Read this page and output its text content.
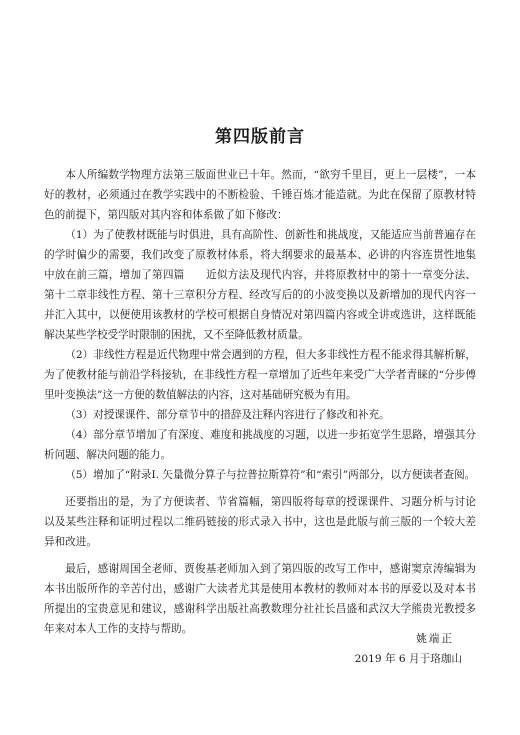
第四版前言

本人所编数学物理方法第三版面世业已十年。然而，“欲穷千里目，更上一层楼”，一本好的教材，必须通过在教学实践中的不断检验、千锤百炼才能造就。为此在保留了原教材特色的前提下，第四版对其内容和体系做了如下修改：

（1）为了使教材既能与时俱进，具有高阶性、创新性和挑战度，又能适应当前普遍存在的学时偏少的需要，我们改变了原教材体系，将大纲要求的最基本、必讲的内容连贯性地集中放在前三篇，增加了第四篇　　近似方法及现代内容，并将原教材中的第十一章变分法、第十二章非线性方程、第十三章积分方程、经改写后的的小波变换以及新增加的现代内容一并汇入其中，以便使用该教材的学校可根据自身情况对第四篇内容或全讲或选讲，这样既能解决某些学校受学时限制的困扰，又不至降低教材质量。

（2）非线性方程是近代物理中常会遇到的方程，但大多非线性方程不能求得其解析解，为了使教材能与前沿学科接轨，在非线性方程一章增加了近些年来受广大学者青睐的“分步傅里叶变换法”这一方便的数值解法的内容，这对基础研究极为有用。

（3）对授课课件、部分章节中的措辞及注释内容进行了修改和补充。

（4）部分章节增加了有深度、难度和挑战度的习题，以进一步拓宽学生思路，增强其分析问题、解决问题的能力。

（5）增加了“附录Ⅰ. 矢量微分算子与拉普拉斯算符”和“索引”两部分，以方便读者查阅。

还要指出的是，为了方便读者、节省篇幅，第四版将每章的授课课件、习题分析与讨论以及某些注释和证明过程以二维码链接的形式录入书中，这也是此版与前三版的一个较大差异和改进。

最后，感谢周国全老师、贾俊基老师加入到了第四版的改写工作中，感谢窦京涛编辑为本书出版所作的辛苦付出，感谢广大读者尤其是使用本教材的教师对本书的厚爱以及对本书所提出的宝贵意见和建议，感谢科学出版社高教数理分社社长昌盛和武汉大学熊贵光教授多年来对本人工作的支持与帮助。

姚端正
2019 年 6 月于珞珈山
